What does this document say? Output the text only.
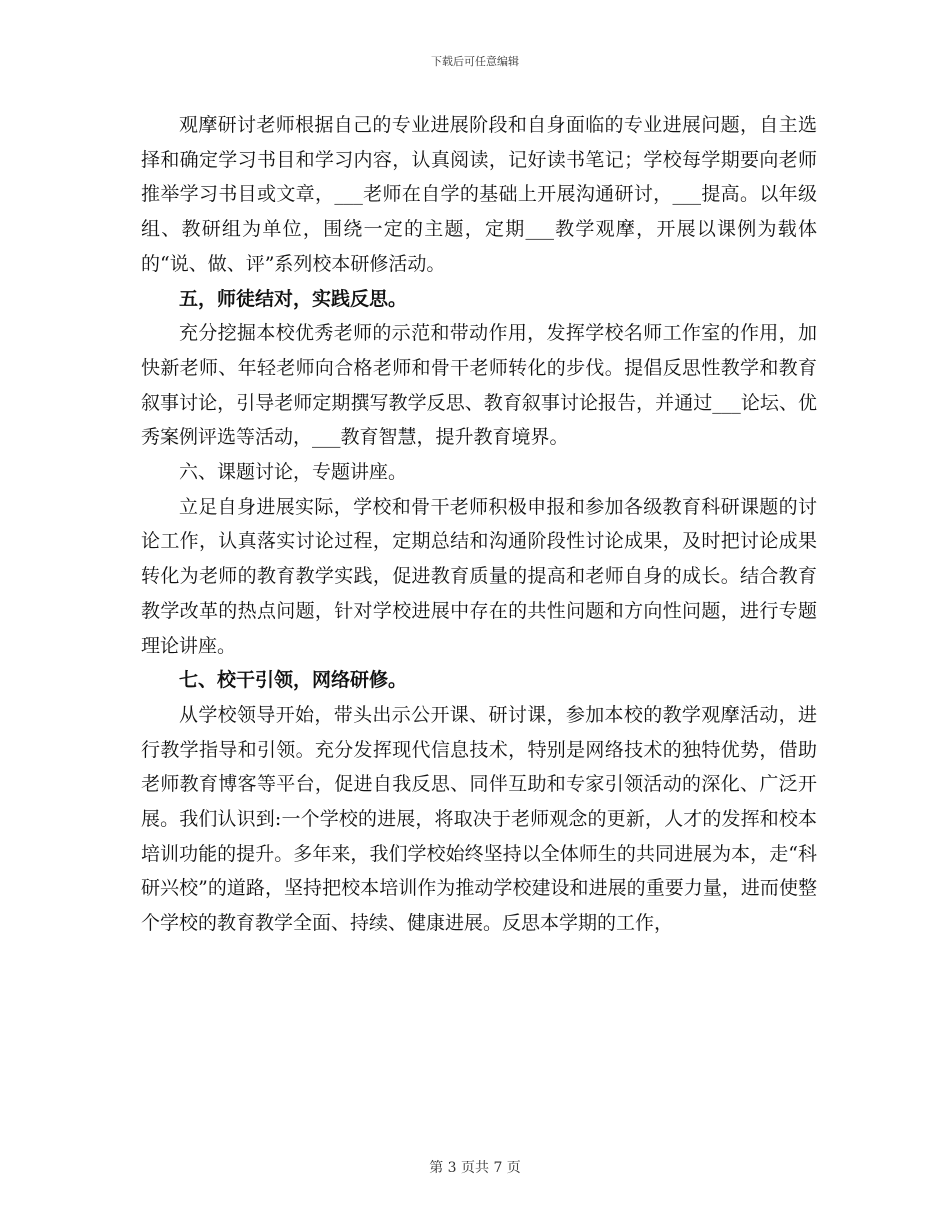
下载后可任意编辑

观摩研讨老师根据自己的专业进展阶段和自身面临的专业进展问题，自主选择和确定学习书目和学习内容，认真阅读，记好读书笔记；学校每学期要向老师推举学习书目或文章，___老师在自学的基础上开展沟通研讨，___提高。以年级组、教研组为单位，围绕一定的主题，定期___教学观摩，开展以课例为载体的“说、做、评”系列校本研修活动。

五，师徒结对，实践反思。

充分挖掘本校优秀老师的示范和带动作用，发挥学校名师工作室的作用，加快新老师、年轻老师向合格老师和骨干老师转化的步伐。提倡反思性教学和教育叙事讨论，引导老师定期撰写教学反思、教育叙事讨论报告，并通过___论坛、优秀案例评选等活动，___教育智慧，提升教育境界。

六、课题讨论，专题讲座。

立足自身进展实际，学校和骨干老师积极申报和参加各级教育科研课题的讨论工作，认真落实讨论过程，定期总结和沟通阶段性讨论成果，及时把讨论成果转化为老师的教育教学实践，促进教育质量的提高和老师自身的成长。结合教育教学改革的热点问题，针对学校进展中存在的共性问题和方向性问题，进行专题理论讲座。

七、校干引领，网络研修。

从学校领导开始，带头出示公开课、研讨课，参加本校的教学观摩活动，进行教学指导和引领。充分发挥现代信息技术，特别是网络技术的独特优势，借助老师教育博客等平台，促进自我反思、同伴互助和专家引领活动的深化、广泛开展。我们认识到:一个学校的进展，将取决于老师观念的更新，人才的发挥和校本培训功能的提升。多年来，我们学校始终坚持以全体师生的共同进展为本，走“科研兴校”的道路，坚持把校本培训作为推动学校建设和进展的重要力量，进而使整个学校的教育教学全面、持续、健康进展。反思本学期的工作，

第 3 页共 7 页
